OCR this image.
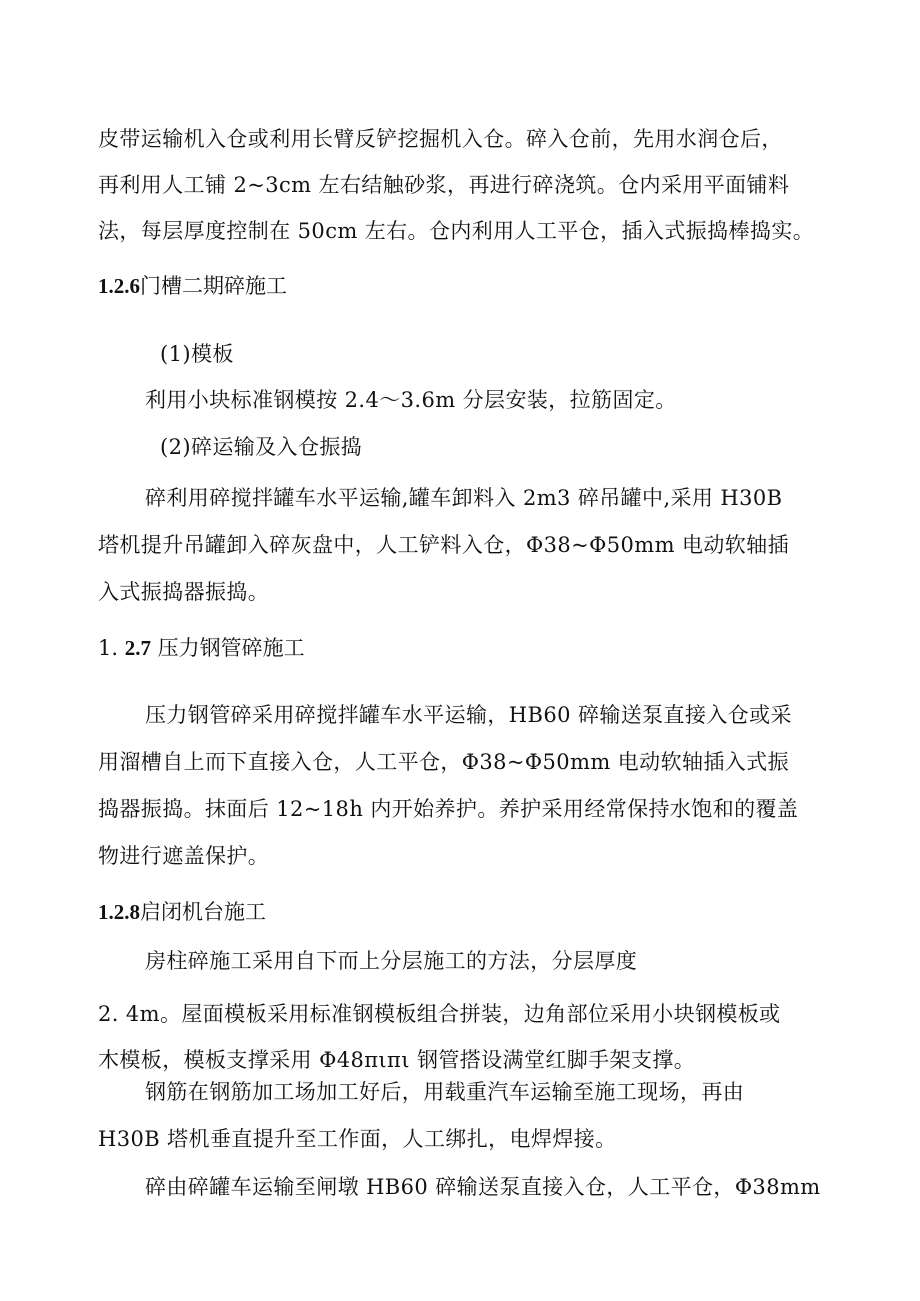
皮带运输机入仓或利用长臂反铲挖掘机入仓。碎入仓前，先用水润仓后，
再利用人工铺 2~3cm 左右结触砂浆，再进行碎浇筑。仓内采用平面铺料
法，每层厚度控制在 50cm 左右。仓内利用人工平仓，插入式振捣棒捣实。
1.2.6门槽二期碎施工
(1)模板
利用小块标准钢模按 2.4～3.6m 分层安装，拉筋固定。
(2)碎运输及入仓振捣
碎利用碎搅拌罐车水平运输,罐车卸料入 2m3 碎吊罐中,采用 H30B
塔机提升吊罐卸入碎灰盘中，人工铲料入仓，Φ38~Φ50mm 电动软轴插
入式振捣器振捣。
1. 2.7 压力钢管碎施工
压力钢管碎采用碎搅拌罐车水平运输，HB60 碎输送泵直接入仓或采
用溜槽自上而下直接入仓，人工平仓，Φ38~Φ50mm 电动软轴插入式振
捣器振捣。抹面后 12~18h 内开始养护。养护采用经常保持水饱和的覆盖
物进行遮盖保护。
1.2.8启闭机台施工
房柱碎施工采用自下而上分层施工的方法，分层厚度
2. 4m。屋面模板采用标准钢模板组合拼装，边角部位采用小块钢模板或
木模板，模板支撑采用 Φ48πιπι 钢管搭设满堂红脚手架支撑。
钢筋在钢筋加工场加工好后，用载重汽车运输至施工现场，再由
H30B 塔机垂直提升至工作面，人工绑扎，电焊焊接。
碎由碎罐车运输至闸墩 HB60 碎输送泵直接入仓，人工平仓，Φ38mm
